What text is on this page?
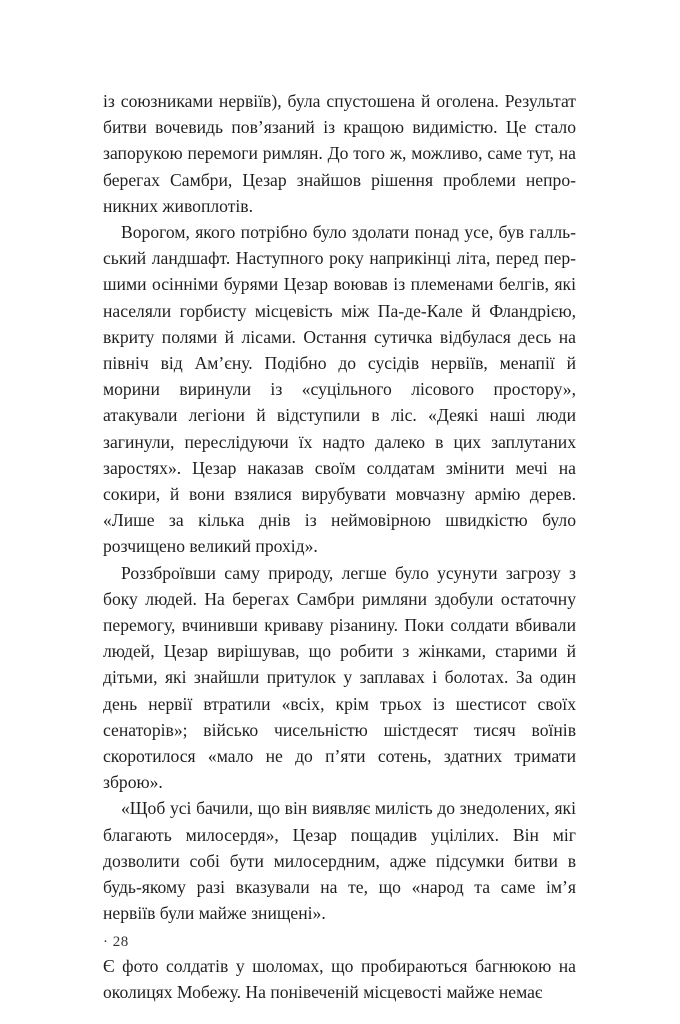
із союзниками нервіїв), була спустошена й оголена. Результат битви вочевидь пов’язаний із кращою видимістю. Це стало запорукою перемоги римлян. До того ж, можливо, саме тут, на берегах Самбри, Цезар знайшов рішення проблеми непроникних живоплотів.

Ворогом, якого потрібно було здолати понад усе, був галльський ландшафт. Наступного року наприкінці літа, перед першими осінніми бурями Цезар воював із племенами белгів, які населяли горбисту місцевість між Па-де-Кале й Фландрією, вкриту полями й лісами. Остання сутичка відбулася десь на північ від Ам’єну. Подібно до сусідів нервіїв, менапії й морини виринули із «суцільного лісового простору», атакували легіони й відступили в ліс. «Деякі наші люди загинули, переслідуючи їх надто далеко в цих заплутаних заростях». Цезар наказав своїм солдатам змінити мечі на сокири, й вони взялися вирубувати мовчазну армію дерев. «Лише за кілька днів із неймовірною швидкістю було розчищено великий прохід».

Роззброївши саму природу, легше було усунути загрозу з боку людей. На берегах Самбри римляни здобули остаточну перемогу, вчинивши криваву різанину. Поки солдати вбивали людей, Цезар вирішував, що робити з жінками, старими й дітьми, які знайшли притулок у заплавах і болотах. За один день нервії втратили «всіх, крім трьох із шестисот своїх сенаторів»; військо чисельністю шістдесят тисяч воїнів скоротилося «мало не до п’яти сотень, здатних тримати зброю».

«Щоб усі бачили, що він виявляє милість до знедолених, які благають милосердя», Цезар пощадив уцілілих. Він міг дозволити собі бути милосердним, адже підсумки битви в будь-якому разі вказували на те, що «народ та саме ім’я нервіїв були майже знищені».

Є фото солдатів у шоломах, що пробираються багнюкою на околицях Мобежу. На понівеченій місцевості майже немає

· 28
